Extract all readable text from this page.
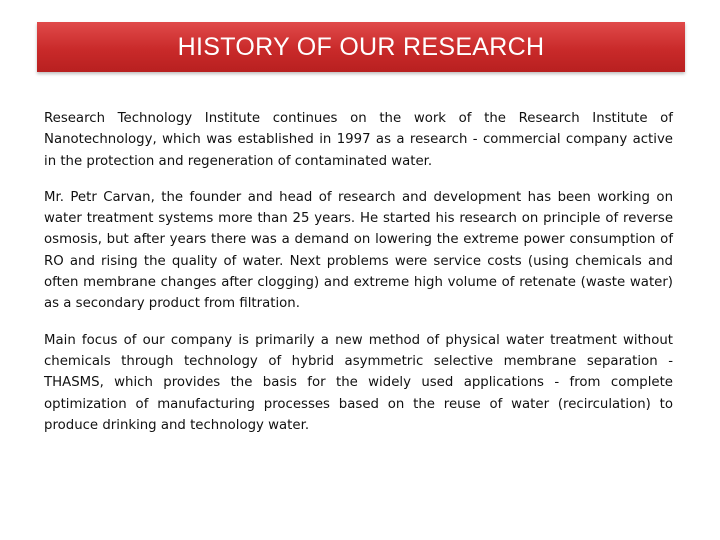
HISTORY OF OUR RESEARCH

Research Technology Institute continues on the work of the Research Institute of Nanotechnology, which was established in 1997 as a research - commercial company active in the protection and regeneration of contaminated water.

Mr. Petr Carvan, the founder and head of research and development has been working on water treatment systems more than 25 years. He started his research on principle of reverse osmosis, but after years there was a demand on lowering the extreme power consumption of RO and rising the quality of water. Next problems were service costs (using chemicals and often membrane changes after clogging) and extreme high volume of retenate (waste water) as a secondary product from filtration.

Main focus of our company is primarily a new method of physical water treatment without chemicals through technology of hybrid asymmetric selective membrane separation - THASMS, which provides the basis for the widely used applications - from complete optimization of manufacturing processes based on the reuse of water (recirculation) to produce drinking and technology water.
